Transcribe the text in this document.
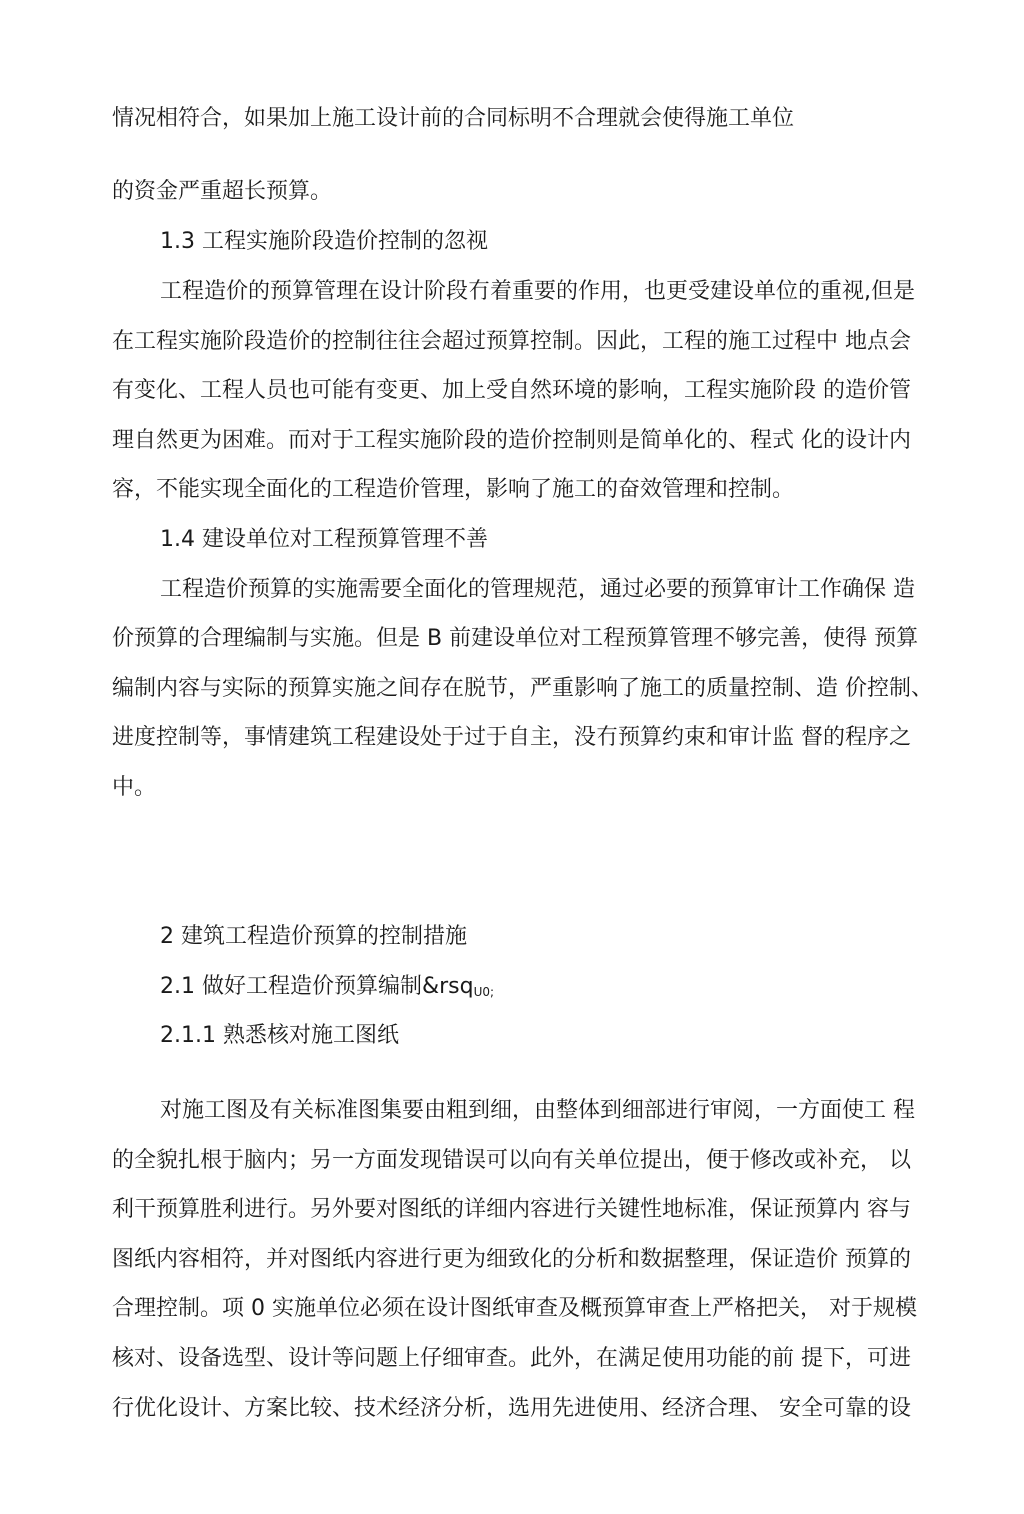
情况相符合，如果加上施工设计前的合同标明不合理就会使得施工单位
的资金严重超长预算。
1.3 工程实施阶段造价控制的忽视
工程造价的预算管理在设计阶段冇着重要的作用，也更受建设单位的重视,但是
在工程实施阶段造价的控制往往会超过预算控制。因此，工程的施工过程中 地点会
有变化、工程人员也可能有变更、加上受自然环境的影响，工程实施阶段 的造价管
理自然更为困难。而对于工程实施阶段的造价控制则是简单化的、程式 化的设计内
容，不能实现全面化的工程造价管理，影响了施工的奋效管理和控制。
1.4 建设单位对工程预算管理不善
工程造价预算的实施需要全面化的管理规范，通过必要的预算审计工作确保 造
价预算的合理编制与实施。但是 B 前建设单位对工程预算管理不够完善，使得 预算
编制内容与实际的预算实施之间存在脱节，严重影响了施工的质量控制、造 价控制、
进度控制等，事情建筑工程建设处于过于自主，没冇预算约束和审计监 督的程序之
中。
2 建筑工程造价预算的控制措施
2.1 做好工程造价预算编制&rsq$_{U0;}$
2.1.1 熟悉核对施工图纸
对施工图及有关标准图集要由粗到细，由整体到细部进行审阅，一方面使工 程
的全貌扎根于脑内；另一方面发现错误可以向有关单位提出，便于修改或补充， 以
利干预算胜利进行。另外要对图纸的详细内容进行关键性地标准，保证预算内 容与
图纸内容相符，并对图纸内容进行更为细致化的分析和数据整理，保证造价 预算的
合理控制。项 0 实施单位必须在设计图纸审查及概预算审查上严格把关， 对于规模
核对、设备选型、设计等问题上仔细审查。此外，在满足使用功能的前 提下，可进
行优化设计、方案比较、技术经济分析，选用先进使用、经济合理、 安全可靠的设
